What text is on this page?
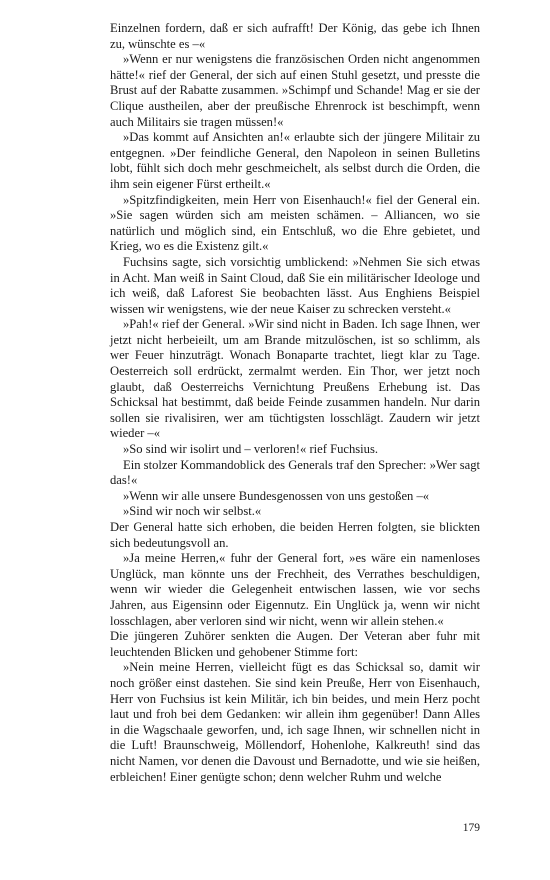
Einzelnen fordern, daß er sich aufrafft! Der König, das gebe ich Ihnen zu, wünschte es –«

»Wenn er nur wenigstens die französischen Orden nicht angenommen hätte!« rief der General, der sich auf einen Stuhl gesetzt, und presste die Brust auf der Rabatte zusammen. »Schimpf und Schande! Mag er sie der Clique austheilen, aber der preußische Ehrenrock ist beschimpft, wenn auch Militairs sie tragen müssen!«

»Das kommt auf Ansichten an!« erlaubte sich der jüngere Militair zu entgegnen. »Der feindliche General, den Napoleon in seinen Bulletins lobt, fühlt sich doch mehr geschmeichelt, als selbst durch die Orden, die ihm sein eigener Fürst ertheilt.«

»Spitzfindigkeiten, mein Herr von Eisenhauch!« fiel der General ein. »Sie sagen würden sich am meisten schämen. – Alliancen, wo sie natürlich und möglich sind, ein Entschluß, wo die Ehre gebietet, und Krieg, wo es die Existenz gilt.«

Fuchsins sagte, sich vorsichtig umblickend: »Nehmen Sie sich etwas in Acht. Man weiß in Saint Cloud, daß Sie ein militärischer Ideologe und ich weiß, daß Laforest Sie beobachten lässt. Aus Enghiens Beispiel wissen wir wenigstens, wie der neue Kaiser zu schrecken versteht.«

»Pah!« rief der General. »Wir sind nicht in Baden. Ich sage Ihnen, wer jetzt nicht herbeieilt, um am Brande mitzulöschen, ist so schlimm, als wer Feuer hinzuträgt. Wonach Bonaparte trachtet, liegt klar zu Tage. Oesterreich soll erdrückt, zermalmt werden. Ein Thor, wer jetzt noch glaubt, daß Oesterreichs Vernichtung Preußens Erhebung ist. Das Schicksal hat bestimmt, daß beide Feinde zusammen handeln. Nur darin sollen sie rivalisiren, wer am tüchtigsten losschlägt. Zaudern wir jetzt wieder –«

»So sind wir isolirt und – verloren!« rief Fuchsius.

Ein stolzer Kommandoblick des Generals traf den Sprecher: »Wer sagt das!«

»Wenn wir alle unsere Bundesgenossen von uns gestoßen –«

»Sind wir noch wir selbst.«

Der General hatte sich erhoben, die beiden Herren folgten, sie blickten sich bedeutungsvoll an.

»Ja meine Herren,« fuhr der General fort, »es wäre ein namenloses Unglück, man könnte uns der Frechheit, des Verrathes beschuldigen, wenn wir wieder die Gelegenheit entwischen lassen, wie vor sechs Jahren, aus Eigensinn oder Eigennutz. Ein Unglück ja, wenn wir nicht losschlagen, aber verloren sind wir nicht, wenn wir allein stehen.«

Die jüngeren Zuhörer senkten die Augen. Der Veteran aber fuhr mit leuchtenden Blicken und gehobener Stimme fort:

»Nein meine Herren, vielleicht fügt es das Schicksal so, damit wir noch größer einst dastehen. Sie sind kein Preuße, Herr von Eisenhauch, Herr von Fuchsius ist kein Militär, ich bin beides, und mein Herz pocht laut und froh bei dem Gedanken: wir allein ihm gegenüber! Dann Alles in die Wagschaale geworfen, und, ich sage Ihnen, wir schnellen nicht in die Luft! Braunschweig, Möllendorf, Hohenlohe, Kalkreuth! sind das nicht Namen, vor denen die Davoust und Bernadotte, und wie sie heißen, erbleichen! Einer genügte schon; denn welcher Ruhm und welche

179
